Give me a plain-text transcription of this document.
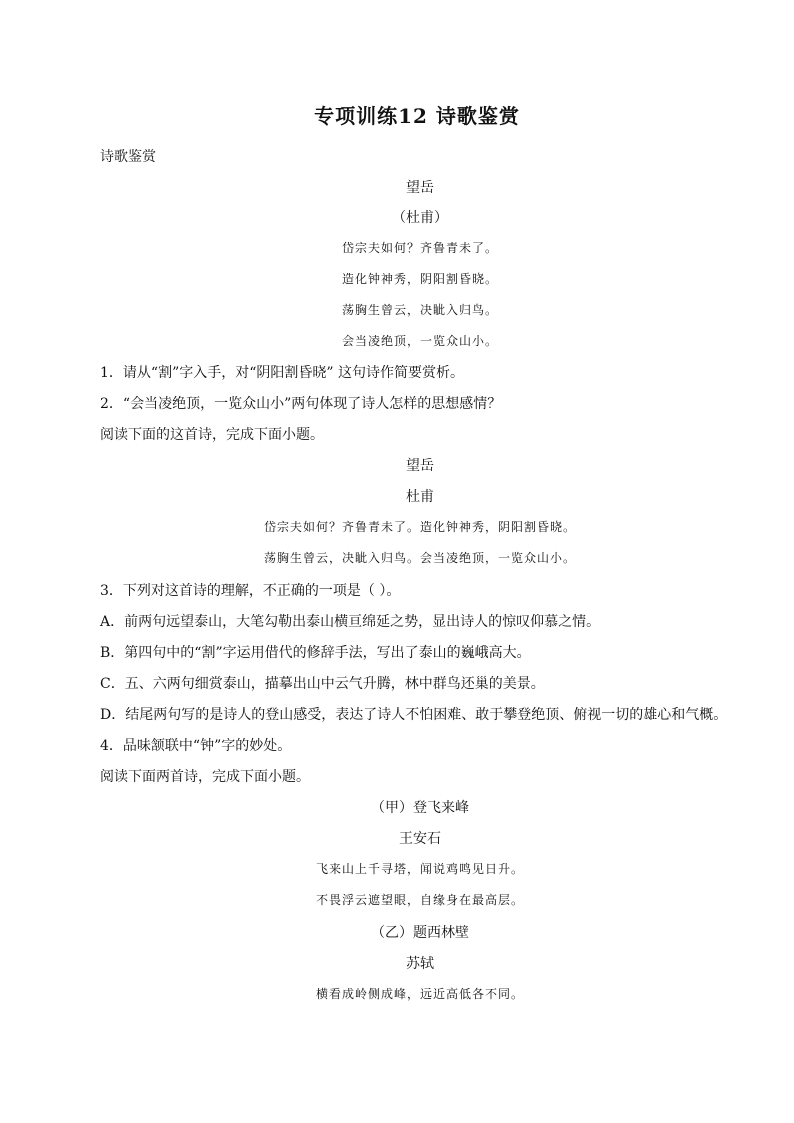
专项训练12 诗歌鉴赏
诗歌鉴赏
望岳
（杜甫）
岱宗夫如何？齐鲁青未了。
造化钟神秀，阴阳割昏晓。
荡胸生曾云，决眦入归鸟。
会当凌绝顶，一览众山小。
1．请从“割”字入手，对“阴阳割昏晓” 这句诗作简要赏析。
2．“会当凌绝顶，一览众山小”两句体现了诗人怎样的思想感情？
阅读下面的这首诗，完成下面小题。
望岳
杜甫
岱宗夫如何？齐鲁青未了。造化钟神秀，阴阳割昏晓。
荡胸生曾云，决眦入归鸟。会当凌绝顶，一览众山小。
3．下列对这首诗的理解，不正确的一项是（ ）。
A．前两句远望泰山，大笔勾勒出泰山横亘绵延之势，显出诗人的惊叹仰慕之情。
B．第四句中的“割”字运用借代的修辞手法，写出了泰山的巍峨高大。
C．五、六两句细赏泰山，描摹出山中云气升腾，林中群鸟还巢的美景。
D．结尾两句写的是诗人的登山感受，表达了诗人不怕困难、敢于攀登绝顶、俯视一切的雄心和气概。
4．品味颔联中“钟”字的妙处。
阅读下面两首诗，完成下面小题。
（甲）登飞来峰
王安石
飞来山上千寻塔，闻说鸡鸣见日升。
不畏浮云遮望眼，自缘身在最高层。
（乙）题西林壁
苏轼
横看成岭侧成峰，远近高低各不同。
